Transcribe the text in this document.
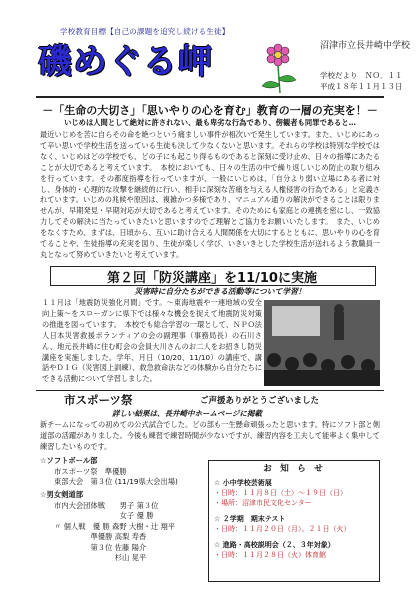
学校教育目標【自己の課題を追究し続ける生徒】
磯めぐる岬	沼津市立長井崎中学校
学校だより　ＮＯ．１１
平成１８年１１月１３日
－「生命の大切さ」「思いやりの心を育む」教育の一層の充実を！－
いじめは人間として絶対に許されない、最も卑劣な行為であり、傍観者も同罪であると…
最近いじめを苦に自らその命を絶つという痛ましい事件が相次いで発生しています。また、いじめにあって辛い思いで学校生活を送っている生徒も決して少なくないと思います。それらの学校は特別な学校ではなく、いじめはどの学校でも、どの子にも起こり得るものであると深刻に受け止め、日々の指導にあたることが大切であると考えています。　本校においても、日々の生活の中で繰り返しいじめ防止の取り組みを行っています。その都度指導を行っていますが、一般にいじめは、「自分より弱い立場にある者に対し、身体的・心理的な攻撃を継続的に行い、相手に深刻な苦痛を与える人権侵害の行為である」と定義されています。いじめの兆候や原因は、複雑かつ多様であり、マニュアル通りの解決ができることは限りませんが、早期発見・早期対応が大切であると考えています。そのためにも家庭との連携を密にし、一致協力してその解決に当たっていきたいと思いますのでご理解とご協力をお願いいたします。　また、いじめをなくすため、まずは、日頃から、互いに助け合える人間関係を大切にするとともに、思いやりの心を育てることや、生徒指導の充実を図り、生徒が楽しく学び、いきいきとした学校生活が送れるよう教職員一丸となって努めていきたいと考えています。
第２回「防災講座」を11/10に実施
災害時に自分たちができる活動等について学習！
１１月は「地震防災強化月間」です。～東海地震や一連地域の安全向上策～をスローガンに県下では様々な機会を捉えて地震防災対策の推進を図っています。　本校でも総合学習の一環として、ＮＰＯ法人日本災害救援ボランティアの会の副理事（事務局長）の石川さん、地元長井崎に住む町会の会員大川さんのお二人をお招きし防災講座を実施しました。学年、月日（10/20、11/10）の講座で、講話やＤＩＧ（災害図上訓練）、救急救命法などの体験から自分たちにできる活動について学習しました。
市スポーツ祭	ご声援ありがとうございました
詳しい結果は、長井崎中ホームページに掲載
新チームになっての初めての公式試合でした。どの部も一生懸命頑張ったと思います。特にソフト部と剣道部の活躍がありました。今後も練習で練習時間が少ないですが、練習内容を工夫して能率よく集中して練習したいものです。
☆ソフトボール部
市スポーツ祭　準優勝
東部大会　第３位 (11/19県大会出場)
☆男女剣道部
市内大会団体戦　　男子 第３位
　　　　　　　　　女子 優 勝
〃 個人戦　優 勝 森野 大樹・辻 翔平
　　　　　準優勝 高梨 寿香
　　　　　第３位 佐藤 陽介
　　　　　　　　 杉山 晃平
お　知　ら　せ
☆ 小中学校芸術展
・日時：１１月８日（土）～１９日（日）
・場所：沼津市民文化センター
☆ ２学期　期末テスト
・日時：１１月２０日（月）、２１日（火）
☆ 進路・高校説明会（２、３年対象）
・日時：１１月２８日（火）体育館
